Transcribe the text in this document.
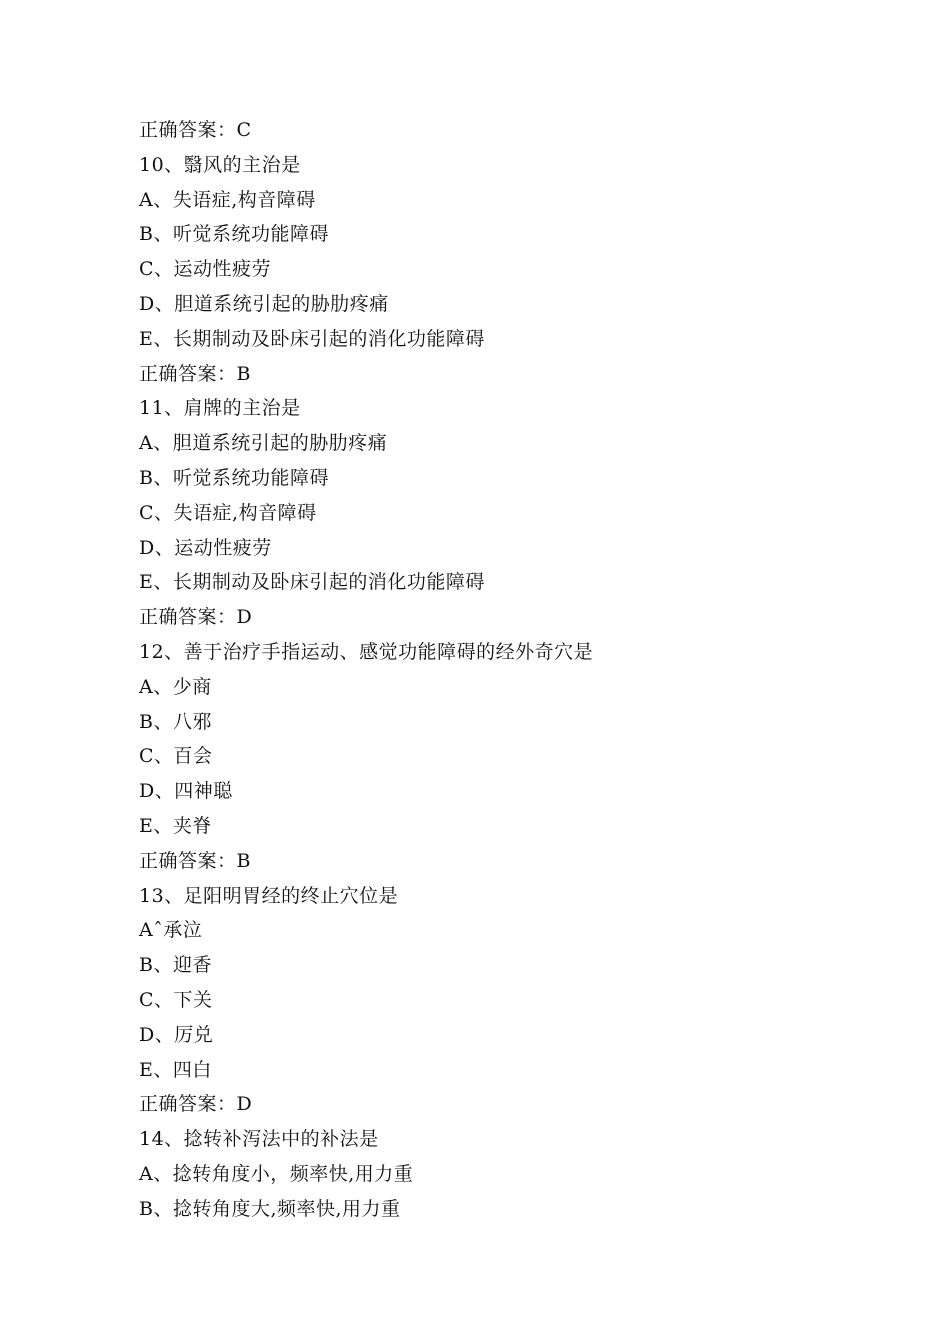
正确答案：C
10、翳风的主治是
A、失语症,构音障碍
B、听觉系统功能障碍
C、运动性疲劳
D、胆道系统引起的胁肋疼痛
E、长期制动及卧床引起的消化功能障碍
正确答案：B
11、肩牌的主治是
A、胆道系统引起的胁肋疼痛
B、听觉系统功能障碍
C、失语症,构音障碍
D、运动性疲劳
E、长期制动及卧床引起的消化功能障碍
正确答案：D
12、善于治疗手指运动、感觉功能障碍的经外奇穴是
A、少商
B、八邪
C、百会
D、四神聪
E、夹脊
正确答案：B
13、足阳明胃经的终止穴位是
Aˆ承泣
B、迎香
C、下关
D、厉兑
E、四白
正确答案：D
14、捻转补泻法中的补法是
A、捻转角度小，频率快,用力重
B、捻转角度大,频率快,用力重
